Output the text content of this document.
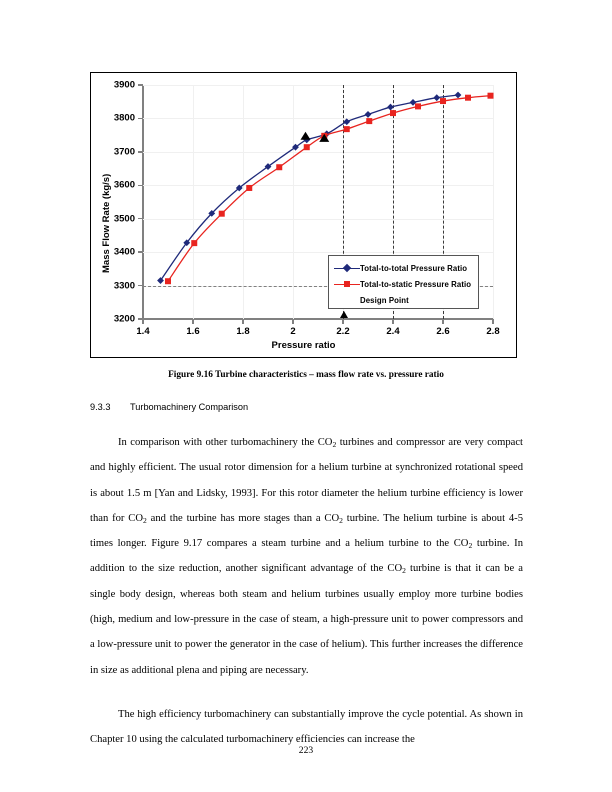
Mass Flow Rate (kg/s)
Pressure ratio
3200
3300
3400
3500
3600
3700
3800
3900
1.4	1.6	1.8	2	2.2	2.4	2.6	2.8
Total-to-total Pressure Ratio
Total-to-static Pressure Ratio
Design Point
Figure 9.16 Turbine characteristics – mass flow rate vs. pressure ratio
9.3.3 Turbomachinery Comparison

In comparison with other turbomachinery the $CO_2$ turbines and compressor are very compact and highly efficient. The usual rotor dimension for a helium turbine at synchronized rotational speed is about 1.5 m [Yan and Lidsky, 1993]. For this rotor diameter the helium turbine efficiency is lower than for $CO_2$ and the turbine has more stages than a $CO_2$ turbine. The helium turbine is about 4-5 times longer. Figure 9.17 compares a steam turbine and a helium turbine to the $CO_2$ turbine. In addition to the size reduction, another significant advantage of the $CO_2$ turbine is that it can be a single body design, whereas both steam and helium turbines usually employ more turbine bodies (high, medium and low-pressure in the case of steam, a high-pressure unit to power compressors and a low-pressure unit to power the generator in the case of helium). This further increases the difference in size as additional plena and piping are necessary.

The high efficiency turbomachinery can substantially improve the cycle potential. As shown in Chapter 10 using the calculated turbomachinery efficiencies can increase the

223
